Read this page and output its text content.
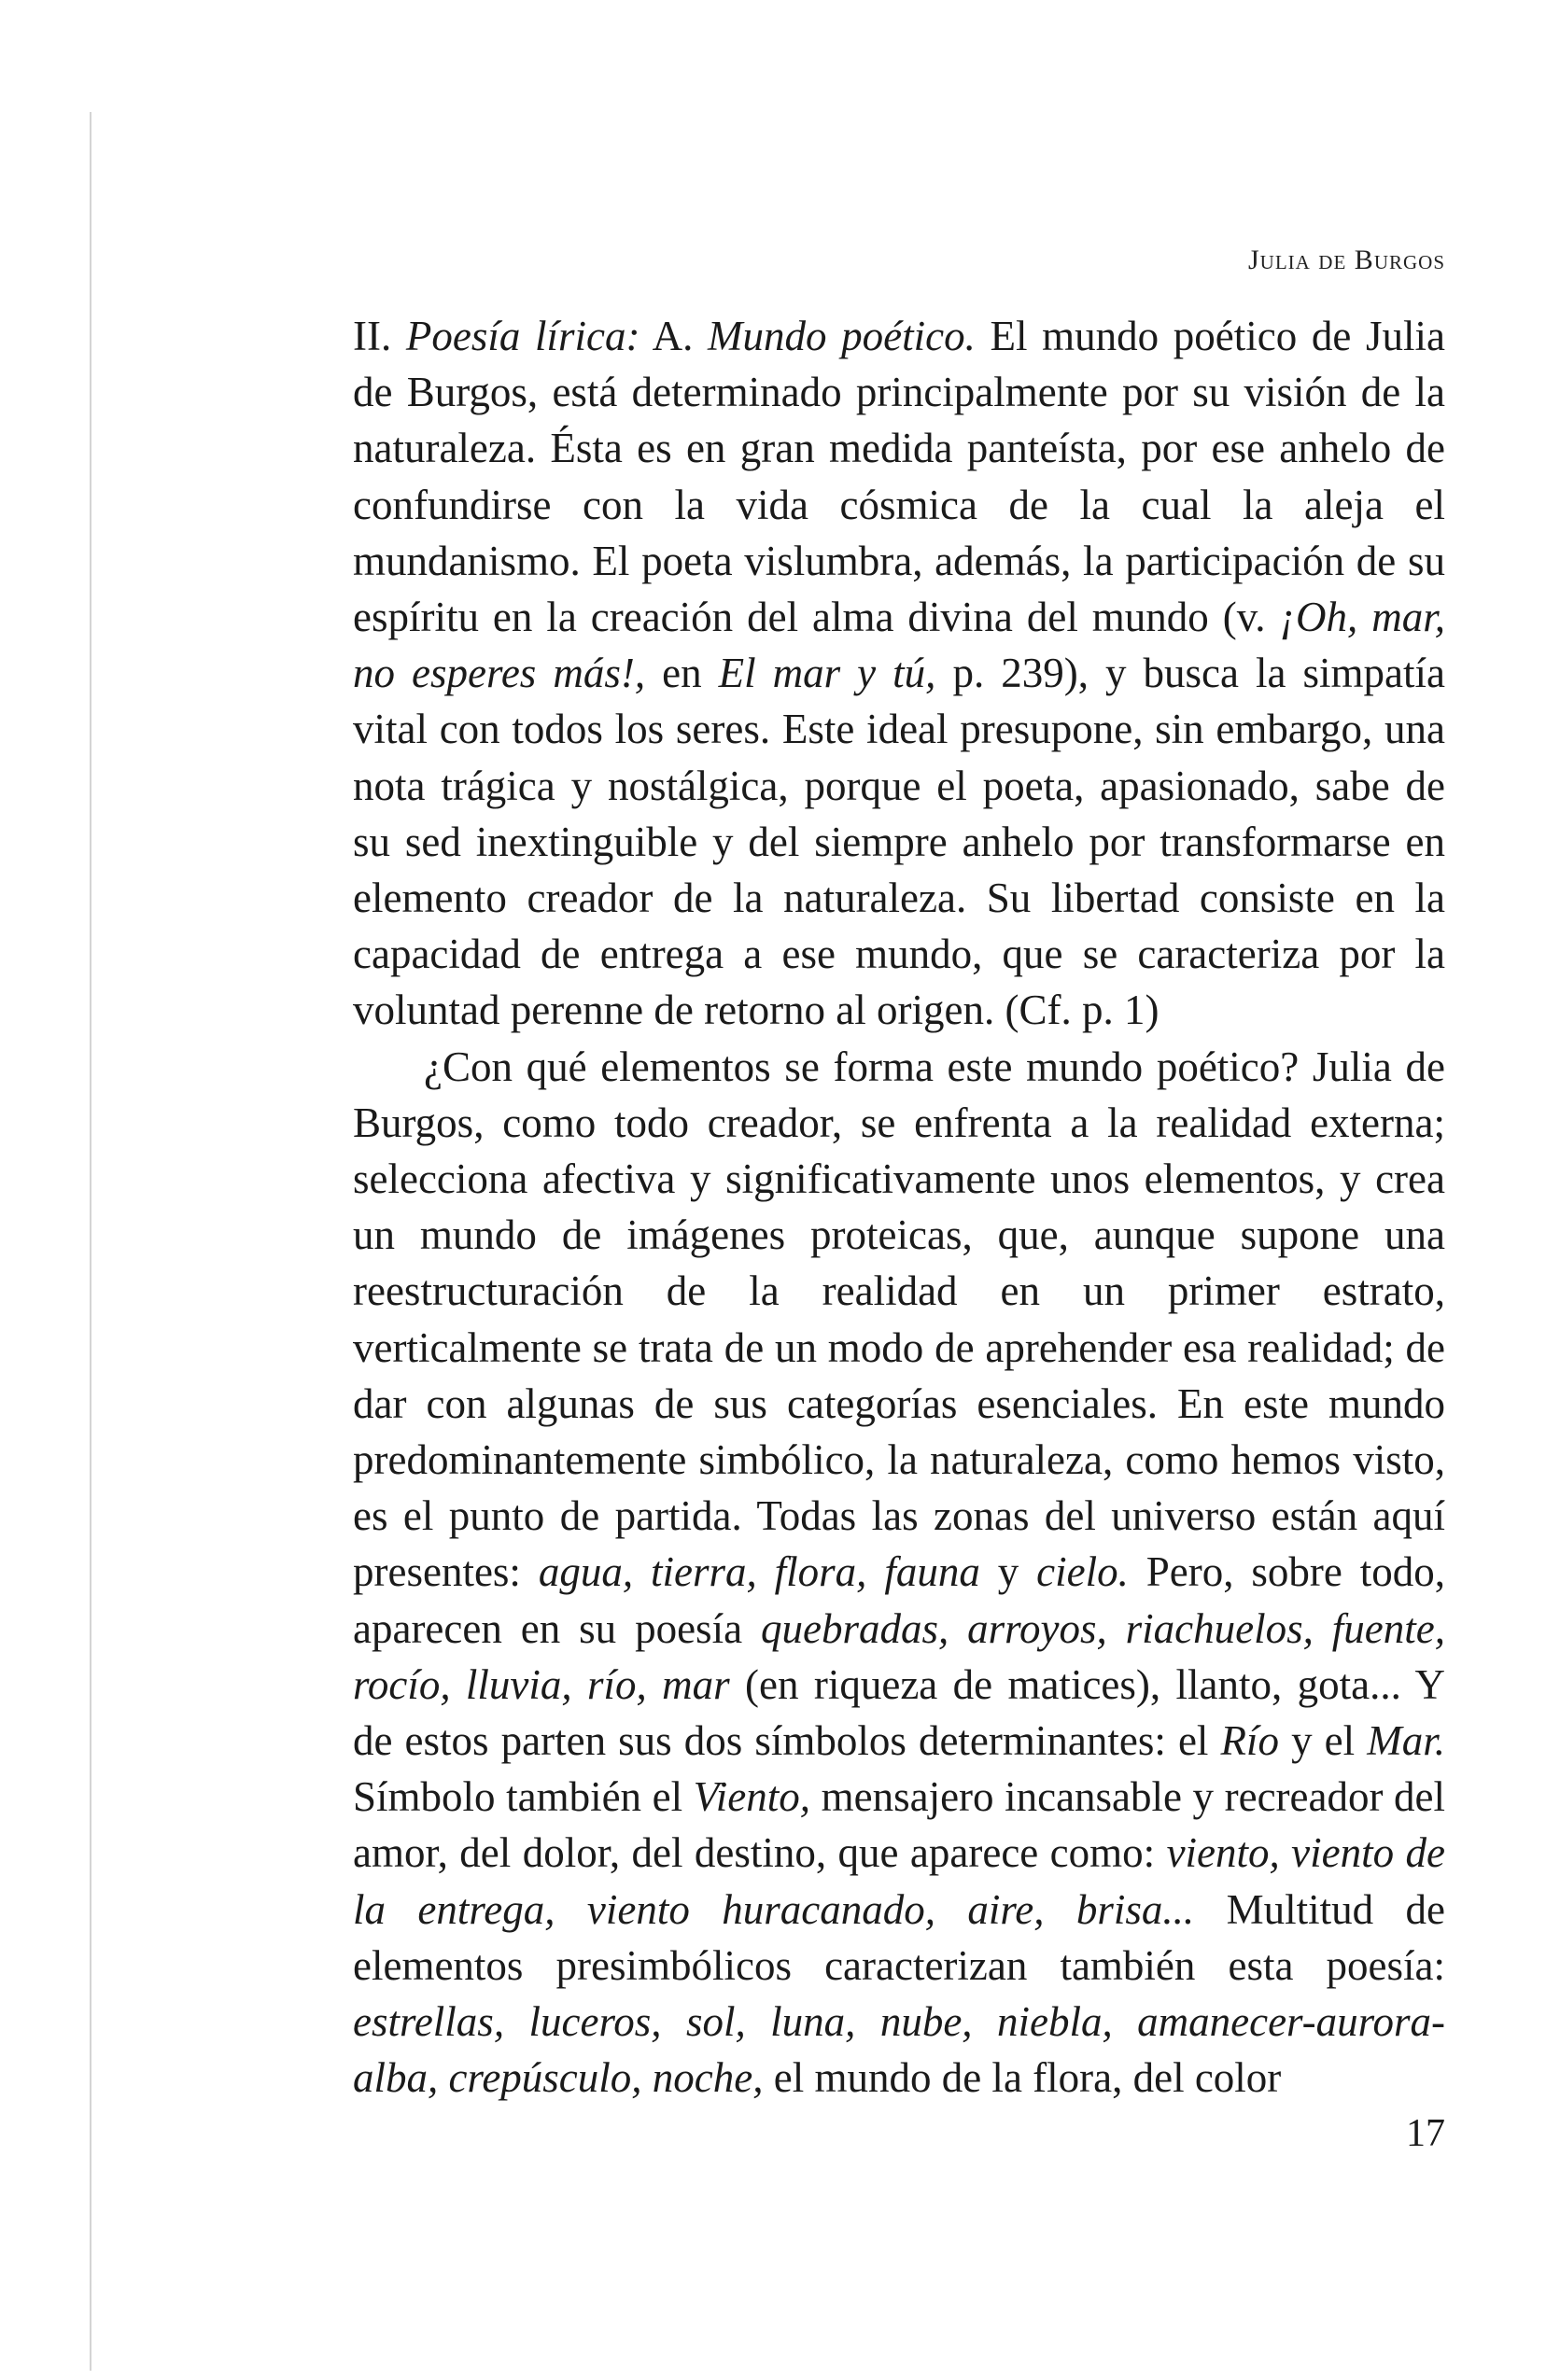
Julia de Burgos

II. Poesía lírica: A. Mundo poético. El mundo poético de Julia de Burgos, está determinado principalmente por su visión de la naturaleza. Ésta es en gran medida panteísta, por ese anhelo de confundirse con la vida cósmica de la cual la aleja el mundanismo. El poeta vislumbra, además, la participación de su espíritu en la creación del alma divina del mundo (v. ¡Oh, mar, no esperes más!, en El mar y tú, p. 239), y busca la simpatía vital con todos los seres. Este ideal presupone, sin embargo, una nota trágica y nostálgica, porque el poeta, apasionado, sabe de su sed inextinguible y del siempre anhelo por transformarse en elemento creador de la naturaleza. Su libertad consiste en la capacidad de entrega a ese mundo, que se caracteriza por la voluntad perenne de retorno al origen. (Cf. p. 1)

¿Con qué elementos se forma este mundo poético? Julia de Burgos, como todo creador, se enfrenta a la realidad externa; selecciona afectiva y significativamente unos elementos, y crea un mundo de imágenes proteicas, que, aunque supone una reestructuración de la realidad en un primer estrato, verticalmente se trata de un modo de aprehender esa realidad; de dar con algunas de sus categorías esenciales. En este mundo predominantemente simbólico, la naturaleza, como hemos visto, es el punto de partida. Todas las zonas del universo están aquí presentes: agua, tierra, flora, fauna y cielo. Pero, sobre todo, aparecen en su poesía quebradas, arroyos, riachuelos, fuente, rocío, lluvia, río, mar (en riqueza de matices), llanto, gota... Y de estos parten sus dos símbolos determinantes: el Río y el Mar. Símbolo también el Viento, mensajero incansable y recreador del amor, del dolor, del destino, que aparece como: viento, viento de la entrega, viento huracanado, aire, brisa... Multitud de elementos presimbólicos caracterizan también esta poesía: estrellas, luceros, sol, luna, nube, niebla, amanecer-aurora-alba, crepúsculo, noche, el mundo de la flora, del color

17
